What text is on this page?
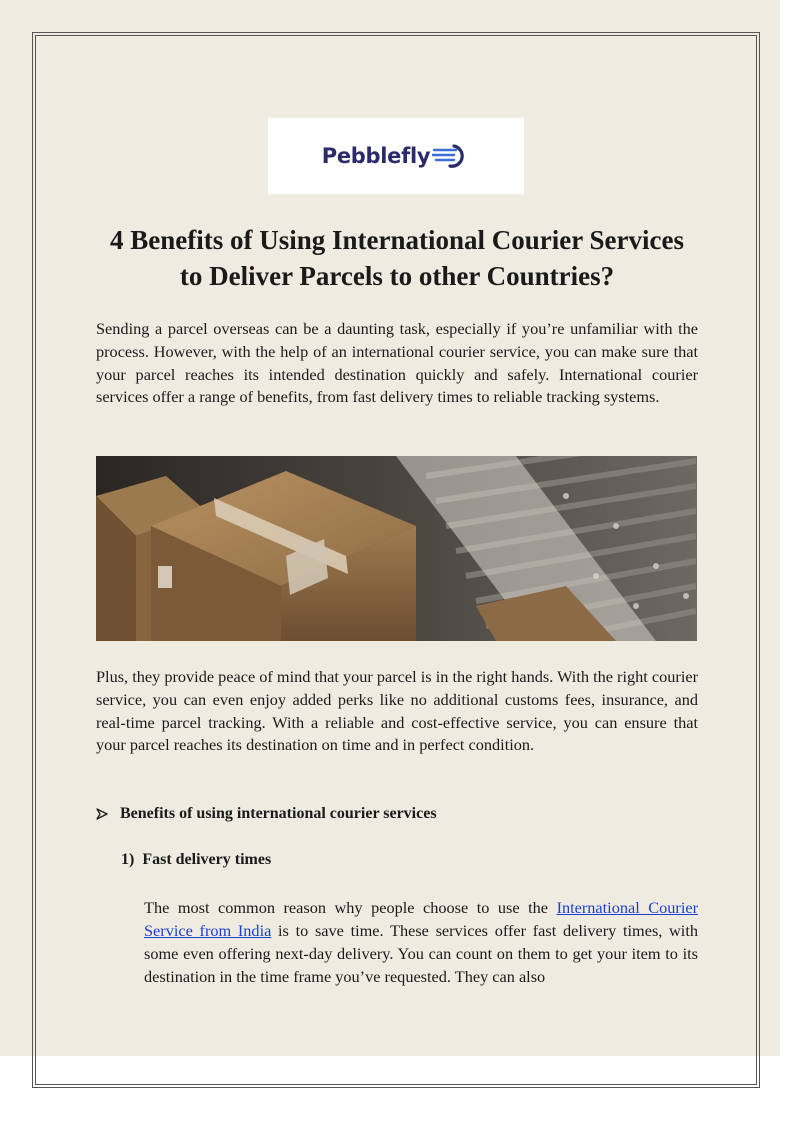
Pebblefly
4 Benefits of Using International Courier Services
to Deliver Parcels to other Countries?

Sending a parcel overseas can be a daunting task, especially if you’re unfamiliar with the process. However, with the help of an international courier service, you can make sure that your parcel reaches its intended destination quickly and safely. International courier services offer a range of benefits, from fast delivery times to reliable tracking systems.

Plus, they provide peace of mind that your parcel is in the right hands. With the right courier service, you can even enjoy added perks like no additional customs fees, insurance, and real-time parcel tracking. With a reliable and cost-effective service, you can ensure that your parcel reaches its destination on time and in perfect condition.

Benefits of using international courier services
1) Fast delivery times

The most common reason why people choose to use the International Courier Service from India is to save time. These services offer fast delivery times, with some even offering next-day delivery. You can count on them to get your item to its destination in the time frame you’ve requested. They can also
